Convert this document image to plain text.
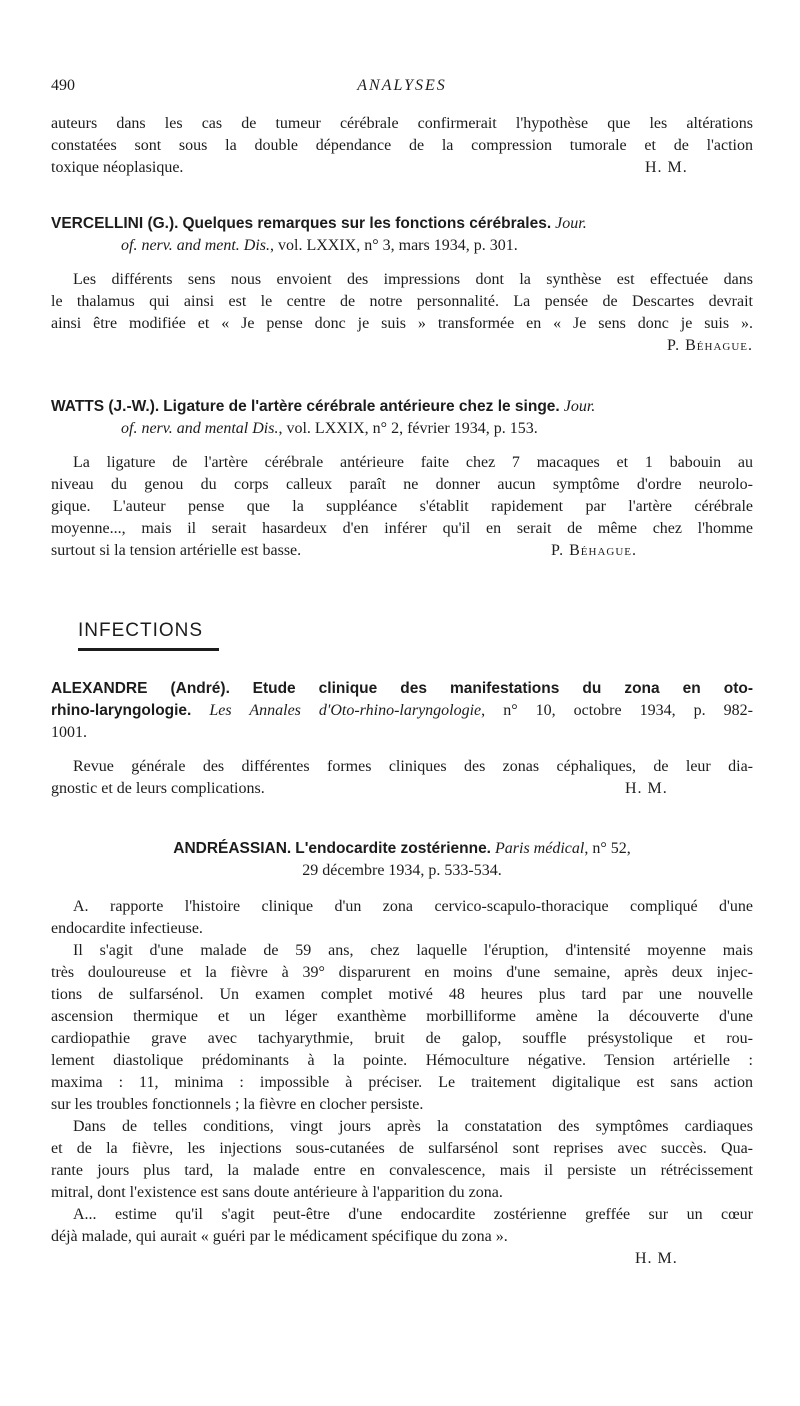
490	ANALYSES
auteurs dans les cas de tumeur cérébrale confirmerait l'hypothèse que les altérations
constatées sont sous la double dépendance de la compression tumorale et de l'action
toxique néoplasique.	H. M.
VERCELLINI (G.). Quelques remarques sur les fonctions cérébrales. Jour.
of. nerv. and ment. Dis., vol. LXXIX, n° 3, mars 1934, p. 301.
Les différents sens nous envoient des impressions dont la synthèse est effectuée dans
le thalamus qui ainsi est le centre de notre personnalité. La pensée de Descartes devrait
ainsi être modifiée et « Je pense donc je suis » transformée en « Je sens donc je suis ».
P. Béhague.
WATTS (J.-W.). Ligature de l'artère cérébrale antérieure chez le singe. Jour.
of. nerv. and mental Dis., vol. LXXIX, n° 2, février 1934, p. 153.
La ligature de l'artère cérébrale antérieure faite chez 7 macaques et 1 babouin au
niveau du genou du corps calleux paraît ne donner aucun symptôme d'ordre neurolo-
gique. L'auteur pense que la suppléance s'établit rapidement par l'artère cérébrale
moyenne..., mais il serait hasardeux d'en inférer qu'il en serait de même chez l'homme
surtout si la tension artérielle est basse.	P. Béhague.
INFECTIONS
ALEXANDRE (André). Etude clinique des manifestations du zona en oto-
rhino-laryngologie. Les Annales d'Oto-rhino-laryngologie, n° 10, octobre 1934, p. 982-
1001.
Revue générale des différentes formes cliniques des zonas céphaliques, de leur dia-
gnostic et de leurs complications.	H. M.
ANDRÉASSIAN. L'endocardite zostérienne. Paris médical, n° 52,
29 décembre 1934, p. 533-534.
A. rapporte l'histoire clinique d'un zona cervico-scapulo-thoracique compliqué d'une
endocardite infectieuse.
Il s'agit d'une malade de 59 ans, chez laquelle l'éruption, d'intensité moyenne mais
très douloureuse et la fièvre à 39° disparurent en moins d'une semaine, après deux injec-
tions de sulfarsénol. Un examen complet motivé 48 heures plus tard par une nouvelle
ascension thermique et un léger exanthème morbilliforme amène la découverte d'une
cardiopathie grave avec tachyarythmie, bruit de galop, souffle présystolique et rou-
lement diastolique prédominants à la pointe. Hémoculture négative. Tension artérielle :
maxima : 11, minima : impossible à préciser. Le traitement digitalique est sans action
sur les troubles fonctionnels ; la fièvre en clocher persiste.
Dans de telles conditions, vingt jours après la constatation des symptômes cardiaques
et de la fièvre, les injections sous-cutanées de sulfarsénol sont reprises avec succès. Qua-
rante jours plus tard, la malade entre en convalescence, mais il persiste un rétrécissement
mitral, dont l'existence est sans doute antérieure à l'apparition du zona.
A... estime qu'il s'agit peut-être d'une endocardite zostérienne greffée sur un cœur
déjà malade, qui aurait « guéri par le médicament spécifique du zona ».
H. M.
